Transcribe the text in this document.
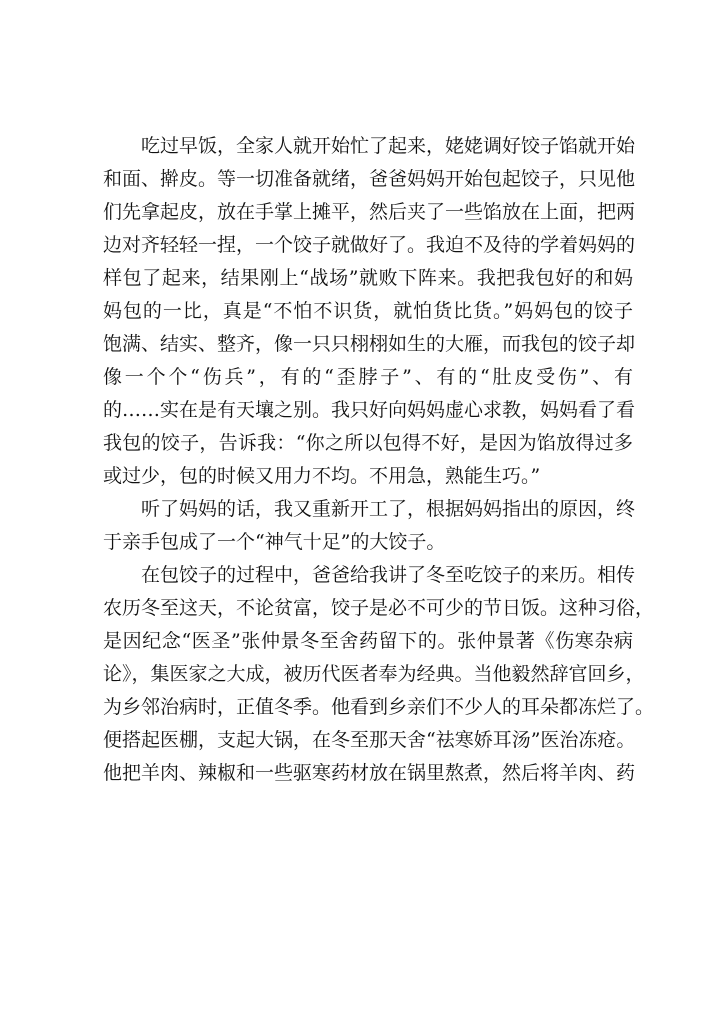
吃过早饭，全家人就开始忙了起来，姥姥调好饺子馅就开始
和面、擀皮。等一切准备就绪，爸爸妈妈开始包起饺子，只见他
们先拿起皮，放在手掌上摊平，然后夹了一些馅放在上面，把两
边对齐轻轻一捏，一个饺子就做好了。我迫不及待的学着妈妈的
样包了起来，结果刚上“战场”就败下阵来。我把我包好的和妈
妈包的一比，真是“不怕不识货，就怕货比货。”妈妈包的饺子
饱满、结实、整齐，像一只只栩栩如生的大雁，而我包的饺子却
像一个个“伤兵”，有的“歪脖子”、有的“肚皮受伤”、有
的……实在是有天壤之别。我只好向妈妈虚心求教，妈妈看了看
我包的饺子，告诉我：“你之所以包得不好，是因为馅放得过多
或过少，包的时候又用力不均。不用急，熟能生巧。”
听了妈妈的话，我又重新开工了，根据妈妈指出的原因，终
于亲手包成了一个“神气十足”的大饺子。
在包饺子的过程中，爸爸给我讲了冬至吃饺子的来历。相传
农历冬至这天，不论贫富，饺子是必不可少的节日饭。这种习俗，
是因纪念“医圣”张仲景冬至舍药留下的。张仲景著《伤寒杂病
论》，集医家之大成，被历代医者奉为经典。当他毅然辞官回乡，
为乡邻治病时，正值冬季。他看到乡亲们不少人的耳朵都冻烂了。
便搭起医棚，支起大锅，在冬至那天舍“祛寒娇耳汤”医治冻疮。
他把羊肉、辣椒和一些驱寒药材放在锅里熬煮，然后将羊肉、药
